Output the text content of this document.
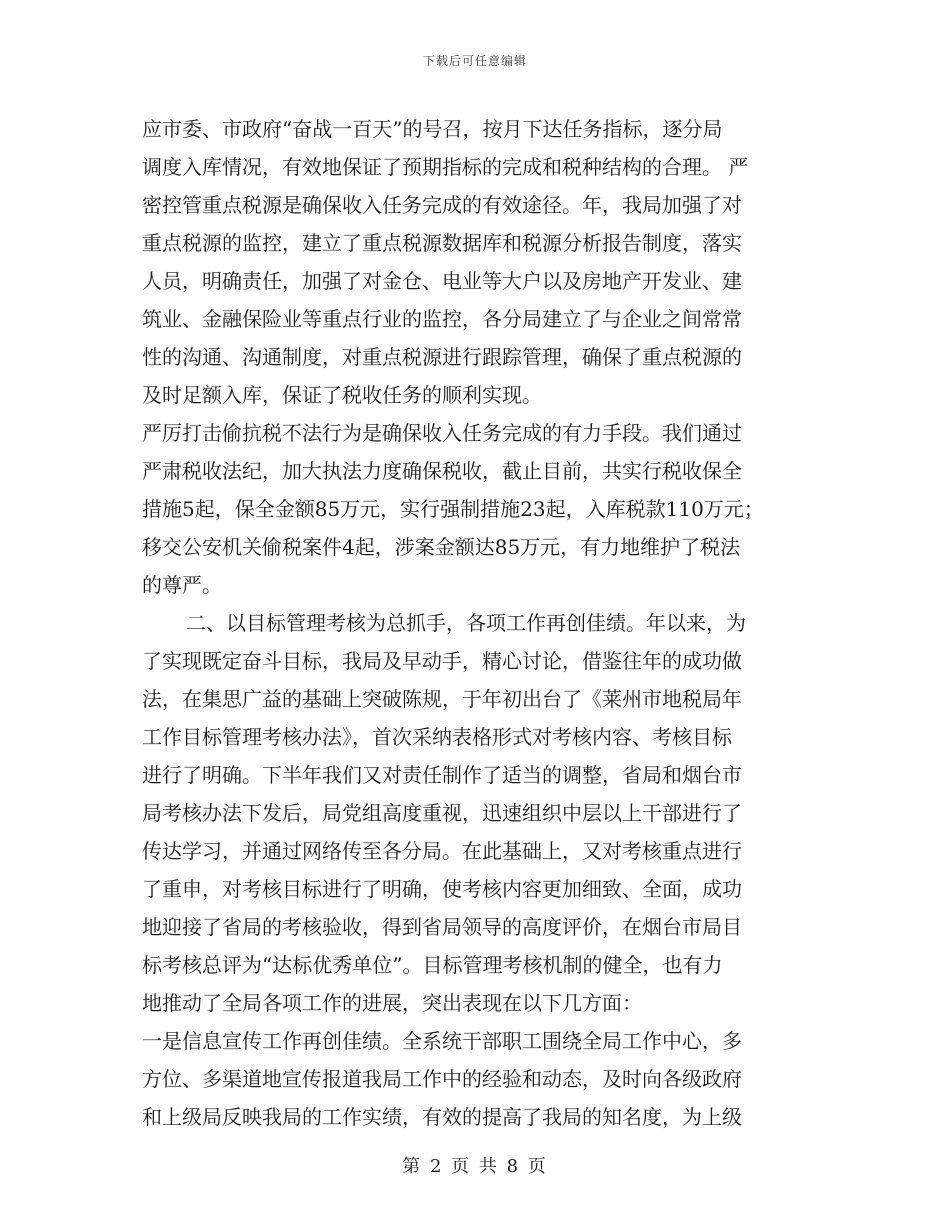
下载后可任意编辑
应市委、市政府“奋战一百天”的号召，按月下达任务指标，逐分局
调度入库情况，有效地保证了预期指标的完成和税种结构的合理。 严
密控管重点税源是确保收入任务完成的有效途径。年，我局加强了对
重点税源的监控，建立了重点税源数据库和税源分析报告制度，落实
人员，明确责任，加强了对金仓、电业等大户以及房地产开发业、建
筑业、金融保险业等重点行业的监控，各分局建立了与企业之间常常
性的沟通、沟通制度，对重点税源进行跟踪管理，确保了重点税源的
及时足额入库，保证了税收任务的顺利实现。
严厉打击偷抗税不法行为是确保收入任务完成的有力手段。我们通过
严肃税收法纪，加大执法力度确保税收，截止目前，共实行税收保全
措施5起，保全金额85万元，实行强制措施23起，入库税款110万元；
移交公安机关偷税案件4起，涉案金额达85万元，有力地维护了税法
的尊严。
二、以目标管理考核为总抓手，各项工作再创佳绩。年以来，为
了实现既定奋斗目标，我局及早动手，精心讨论，借鉴往年的成功做
法，在集思广益的基础上突破陈规，于年初出台了《莱州市地税局年
工作目标管理考核办法》，首次采纳表格形式对考核内容、考核目标
进行了明确。下半年我们又对责任制作了适当的调整，省局和烟台市
局考核办法下发后，局党组高度重视，迅速组织中层以上干部进行了
传达学习，并通过网络传至各分局。在此基础上，又对考核重点进行
了重申，对考核目标进行了明确，使考核内容更加细致、全面，成功
地迎接了省局的考核验收，得到省局领导的高度评价，在烟台市局目
标考核总评为“达标优秀单位”。目标管理考核机制的健全，也有力
地推动了全局各项工作的进展，突出表现在以下几方面：
一是信息宣传工作再创佳绩。全系统干部职工围绕全局工作中心，多
方位、多渠道地宣传报道我局工作中的经验和动态，及时向各级政府
和上级局反映我局的工作实绩，有效的提高了我局的知名度，为上级
第 2 页 共 8 页
